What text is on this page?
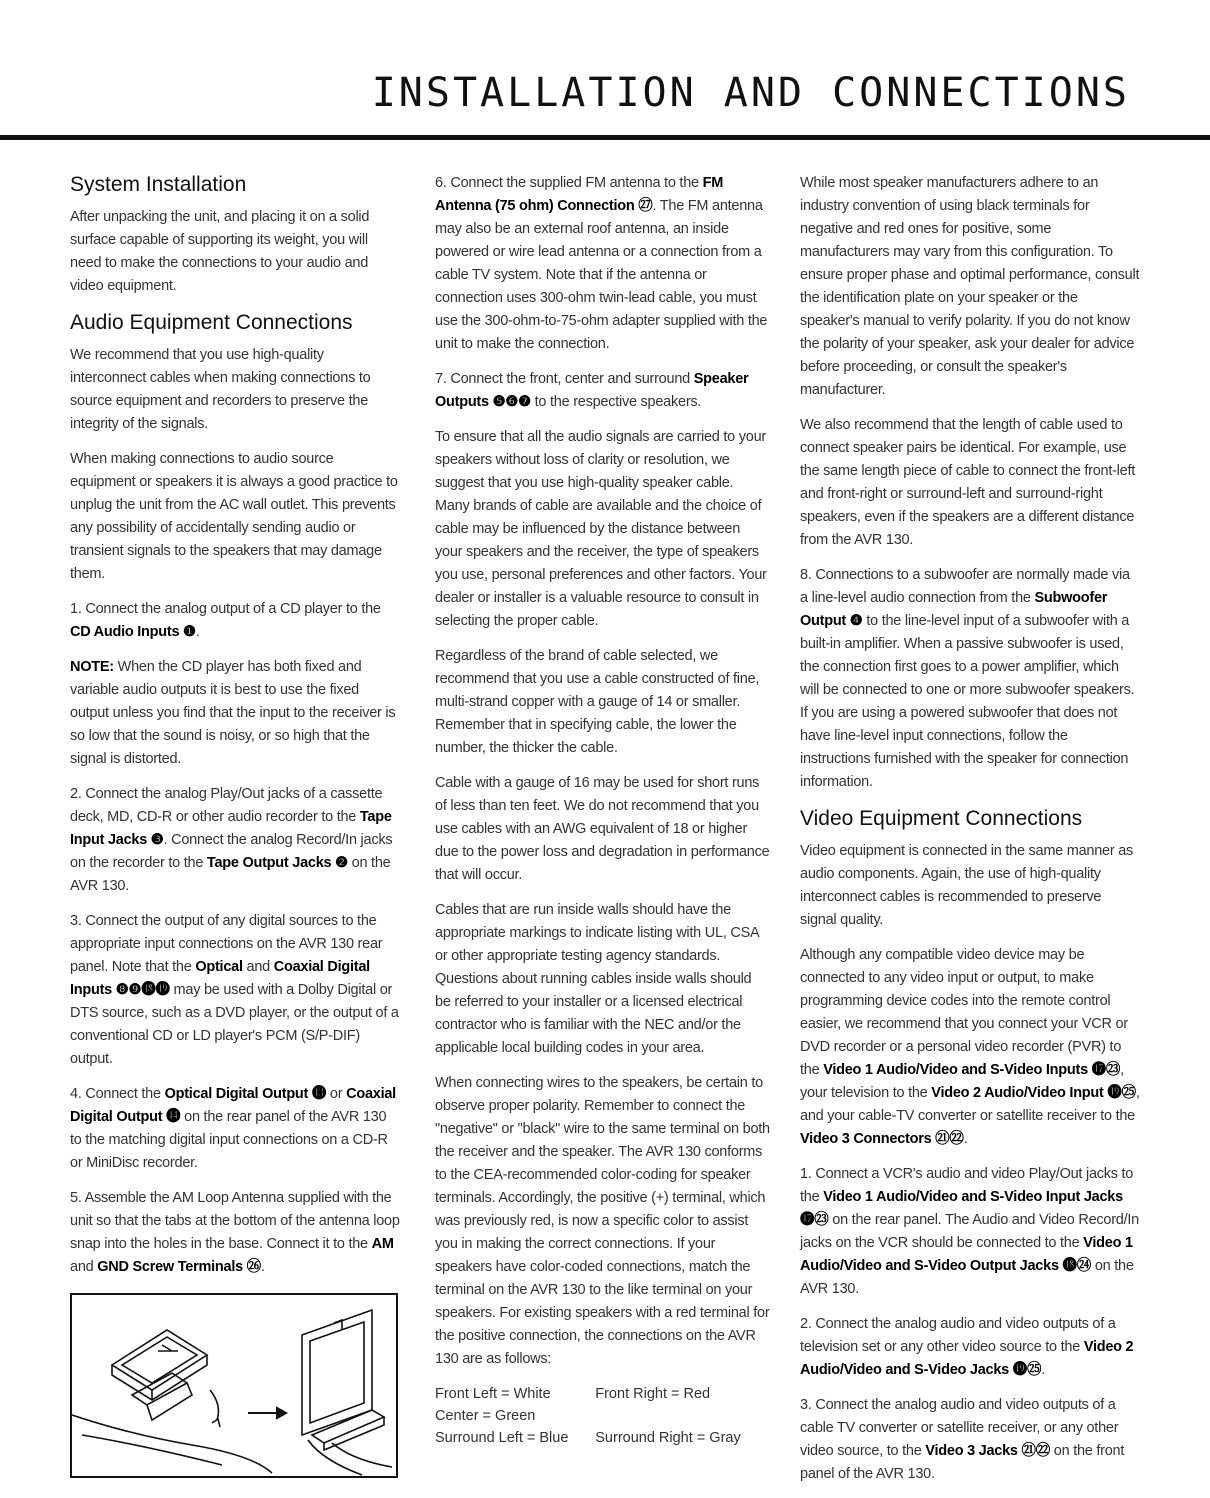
INSTALLATION AND CONNECTIONS
System Installation

After unpacking the unit, and placing it on a solid surface capable of supporting its weight, you will need to make the connections to your audio and video equipment.

Audio Equipment Connections

We recommend that you use high-quality interconnect cables when making connections to source equipment and recorders to preserve the integrity of the signals.

When making connections to audio source equipment or speakers it is always a good practice to unplug the unit from the AC wall outlet. This prevents any possibility of accidentally sending audio or transient signals to the speakers that may damage them.

1. Connect the analog output of a CD player to the CD Audio Inputs ❶.

NOTE: When the CD player has both fixed and variable audio outputs it is best to use the fixed output unless you find that the input to the receiver is so low that the sound is noisy, or so high that the signal is distorted.

2. Connect the analog Play/Out jacks of a cassette deck, MD, CD-R or other audio recorder to the Tape Input Jacks ❸. Connect the analog Record/In jacks on the recorder to the Tape Output Jacks ❷ on the AVR 130.

3. Connect the output of any digital sources to the appropriate input connections on the AVR 130 rear panel. Note that the Optical and Coaxial Digital Inputs ❽❾⓲⓳ may be used with a Dolby Digital or DTS source, such as a DVD player, or the output of a conventional CD or LD player's PCM (S/P-DIF) output.

4. Connect the Optical Digital Output ⓭ or Coaxial Digital Output ⓮ on the rear panel of the AVR 130 to the matching digital input connections on a CD-R or MiniDisc recorder.

5. Assemble the AM Loop Antenna supplied with the unit so that the tabs at the bottom of the antenna loop snap into the holes in the base. Connect it to the AM and GND Screw Terminals ㉖.

6. Connect the supplied FM antenna to the FM Antenna (75 ohm) Connection ㉗. The FM antenna may also be an external roof antenna, an inside powered or wire lead antenna or a connection from a cable TV system. Note that if the antenna or connection uses 300-ohm twin-lead cable, you must use the 300-ohm-to-75-ohm adapter supplied with the unit to make the connection.

7. Connect the front, center and surround Speaker Outputs ❺❻❼ to the respective speakers.

To ensure that all the audio signals are carried to your speakers without loss of clarity or resolution, we suggest that you use high-quality speaker cable. Many brands of cable are available and the choice of cable may be influenced by the distance between your speakers and the receiver, the type of speakers you use, personal preferences and other factors. Your dealer or installer is a valuable resource to consult in selecting the proper cable.

Regardless of the brand of cable selected, we recommend that you use a cable constructed of fine, multi-strand copper with a gauge of 14 or smaller. Remember that in specifying cable, the lower the number, the thicker the cable.

Cable with a gauge of 16 may be used for short runs of less than ten feet. We do not recommend that you use cables with an AWG equivalent of 18 or higher due to the power loss and degradation in performance that will occur.

Cables that are run inside walls should have the appropriate markings to indicate listing with UL, CSA or other appropriate testing agency standards. Questions about running cables inside walls should be referred to your installer or a licensed electrical contractor who is familiar with the NEC and/or the applicable local building codes in your area.

When connecting wires to the speakers, be certain to observe proper polarity. Remember to connect the "negative" or "black" wire to the same terminal on both the receiver and the speaker. The AVR 130 conforms to the CEA-recommended color-coding for speaker terminals. Accordingly, the positive (+) terminal, which was previously red, is now a specific color to assist you in making the correct connections. If your speakers have color-coded connections, match the terminal on the AVR 130 to the like terminal on your speakers. For existing speakers with a red terminal for the positive connection, the connections on the AVR 130 are as follows:

Front Left = White	Front Right = Red
Center = Green	
Surround Left = Blue	Surround Right = Gray

While most speaker manufacturers adhere to an industry convention of using black terminals for negative and red ones for positive, some manufacturers may vary from this configuration. To ensure proper phase and optimal performance, consult the identification plate on your speaker or the speaker's manual to verify polarity. If you do not know the polarity of your speaker, ask your dealer for advice before proceeding, or consult the speaker's manufacturer.

We also recommend that the length of cable used to connect speaker pairs be identical. For example, use the same length piece of cable to connect the front-left and front-right or surround-left and surround-right speakers, even if the speakers are a different distance from the AVR 130.

8. Connections to a subwoofer are normally made via a line-level audio connection from the Subwoofer Output ❹ to the line-level input of a subwoofer with a built-in amplifier. When a passive subwoofer is used, the connection first goes to a power amplifier, which will be connected to one or more subwoofer speakers. If you are using a powered subwoofer that does not have line-level input connections, follow the instructions furnished with the speaker for connection information.

Video Equipment Connections

Video equipment is connected in the same manner as audio components. Again, the use of high-quality interconnect cables is recommended to preserve signal quality.

Although any compatible video device may be connected to any video input or output, to make programming device codes into the remote control easier, we recommend that you connect your VCR or DVD recorder or a personal video recorder (PVR) to the Video 1 Audio/Video and S-Video Inputs ⓱㉓, your television to the Video 2 Audio/Video Input ⓳㉕, and your cable-TV converter or satellite receiver to the Video 3 Connectors ㉑㉒.

1. Connect a VCR's audio and video Play/Out jacks to the Video 1 Audio/Video and S-Video Input Jacks ⓱㉓ on the rear panel. The Audio and Video Record/In jacks on the VCR should be connected to the Video 1 Audio/Video and S-Video Output Jacks ⓲㉔ on the AVR 130.

2. Connect the analog audio and video outputs of a television set or any other video source to the Video 2 Audio/Video and S-Video Jacks ⓳㉕.

3. Connect the analog audio and video outputs of a cable TV converter or satellite receiver, or any other video source, to the Video 3 Jacks ㉑㉒ on the front panel of the AVR 130.
